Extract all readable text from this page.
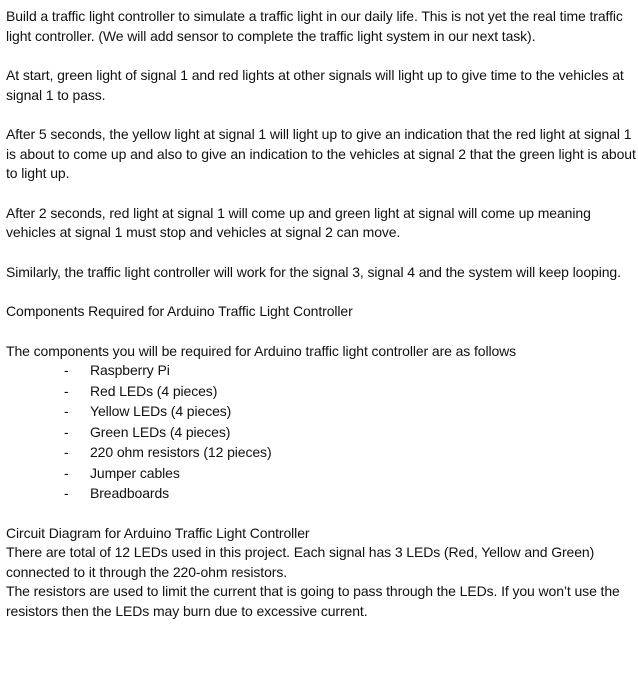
Build a traffic light controller to simulate a traffic light in our daily life. This is not yet the real time traffic light controller. (We will add sensor to complete the traffic light system in our next task).

At start, green light of signal 1 and red lights at other signals will light up to give time to the vehicles at signal 1 to pass.

After 5 seconds, the yellow light at signal 1 will light up to give an indication that the red light at signal 1 is about to come up and also to give an indication to the vehicles at signal 2 that the green light is about to light up.

After 2 seconds, red light at signal 1 will come up and green light at signal will come up meaning vehicles at signal 1 must stop and vehicles at signal 2 can move.

Similarly, the traffic light controller will work for the signal 3, signal 4 and the system will keep looping.

Components Required for Arduino Traffic Light Controller

The components you will be required for Arduino traffic light controller are as follows

- Raspberry Pi
- Red LEDs (4 pieces)
- Yellow LEDs (4 pieces)
- Green LEDs (4 pieces)
- 220 ohm resistors (12 pieces)
- Jumper cables
- Breadboards

Circuit Diagram for Arduino Traffic Light Controller

There are total of 12 LEDs used in this project. Each signal has 3 LEDs (Red, Yellow and Green) connected to it through the 220-ohm resistors.

The resistors are used to limit the current that is going to pass through the LEDs. If you won’t use the resistors then the LEDs may burn due to excessive current.
